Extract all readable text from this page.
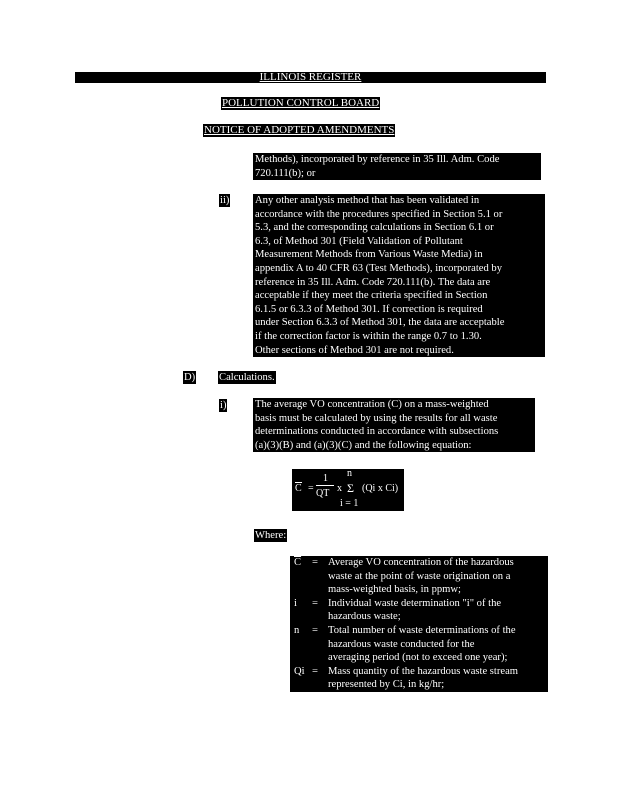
ILLINOIS REGISTER
POLLUTION CONTROL BOARD
NOTICE OF ADOPTED AMENDMENTS
Methods), incorporated by reference in 35 Ill. Adm. Code
720.111(b); or
ii) Any other analysis method that has been validated in
accordance with the procedures specified in Section 5.1 or
5.3, and the corresponding calculations in Section 6.1 or
6.3, of Method 301 (Field Validation of Pollutant
Measurement Methods from Various Waste Media) in
appendix A to 40 CFR 63 (Test Methods), incorporated by
reference in 35 Ill. Adm. Code 720.111(b). The data are
acceptable if they meet the criteria specified in Section
6.1.5 or 6.3.3 of Method 301. If correction is required
under Section 6.3.3 of Method 301, the data are acceptable
if the correction factor is within the range 0.7 to 1.30.
Other sections of Method 301 are not required.
D) Calculations.
i)	The average VO concentration (C) on a mass-weighted
basis must be calculated by using the results for all waste
determinations conducted in accordance with subsections
(a)(3)(B) and (a)(3)(C) and the following equation:
C =
1
QT x
n
Σ
i = 1
(Qi x Ci)
Where:
$\overline{C}$	= Average VO concentration of the hazardous
waste at the point of waste origination on a
mass-weighted basis, in ppmw;
i	= Individual waste determination "i" of the
hazardous waste;
n	= Total number of waste determinations of the
hazardous waste conducted for the
averaging period (not to exceed one year);
Qi = Mass quantity of the hazardous waste stream
represented by Ci, in kg/hr;
